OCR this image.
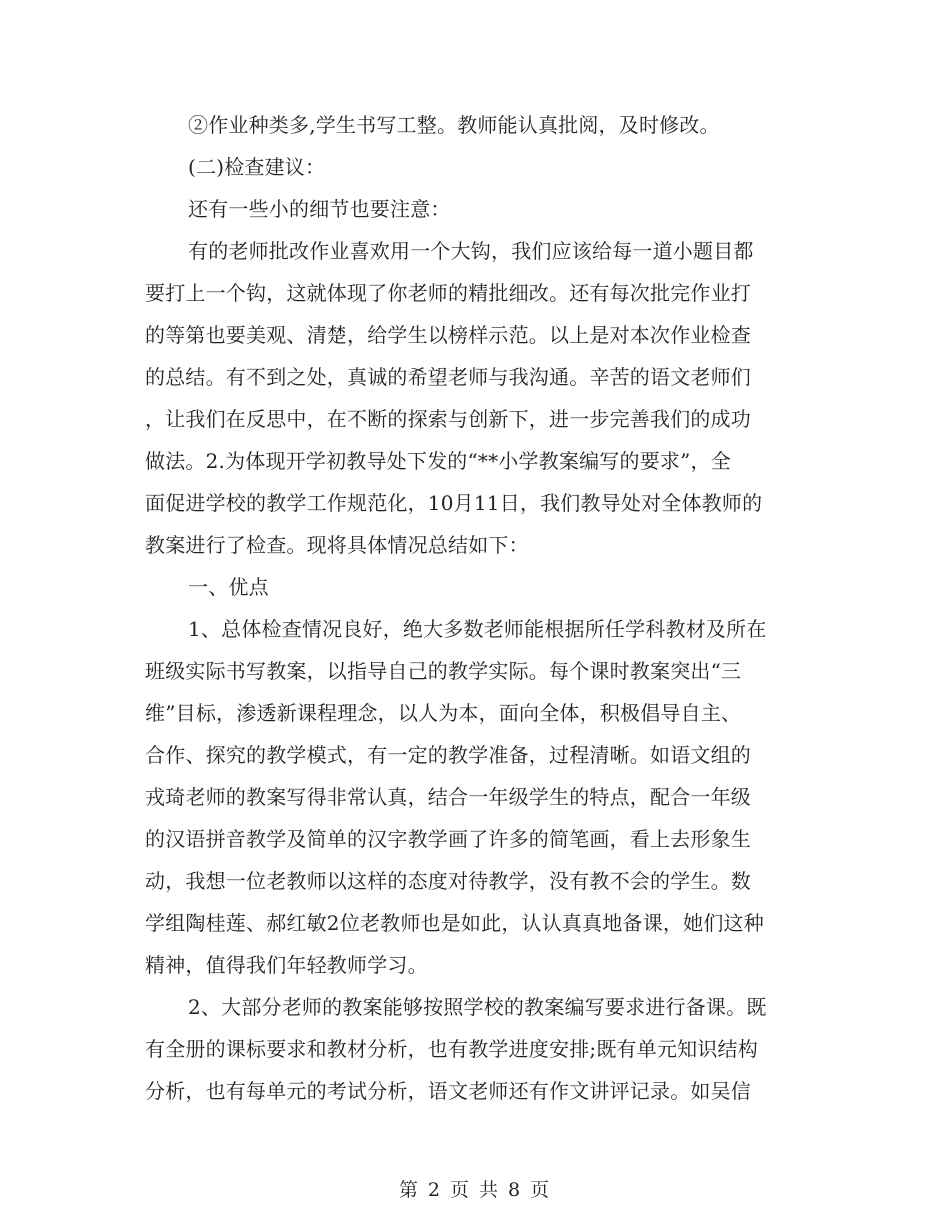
②作业种类多,学生书写工整。教师能认真批阅，及时修改。
(二)检查建议：
还有一些小的细节也要注意：
有的老师批改作业喜欢用一个大钩，我们应该给每一道小题目都
要打上一个钩，这就体现了你老师的精批细改。还有每次批完作业打
的等第也要美观、清楚，给学生以榜样示范。以上是对本次作业检查
的总结。有不到之处，真诚的希望老师与我沟通。辛苦的语文老师们
，让我们在反思中，在不断的探索与创新下，进一步完善我们的成功
做法。2.为体现开学初教导处下发的“**小学教案编写的要求”，全
面促进学校的教学工作规范化，10月11日，我们教导处对全体教师的
教案进行了检查。现将具体情况总结如下：
一、优点
1、总体检查情况良好，绝大多数老师能根据所任学科教材及所在
班级实际书写教案，以指导自己的教学实际。每个课时教案突出“三
维”目标，渗透新课程理念，以人为本，面向全体，积极倡导自主、
合作、探究的教学模式，有一定的教学准备，过程清晰。如语文组的
戎琦老师的教案写得非常认真，结合一年级学生的特点，配合一年级
的汉语拼音教学及简单的汉字教学画了许多的简笔画，看上去形象生
动，我想一位老教师以这样的态度对待教学，没有教不会的学生。数
学组陶桂莲、郝红敏2位老教师也是如此，认认真真地备课，她们这种
精神，值得我们年轻教师学习。
2、大部分老师的教案能够按照学校的教案编写要求进行备课。既
有全册的课标要求和教材分析，也有教学进度安排;既有单元知识结构
分析，也有每单元的考试分析，语文老师还有作文讲评记录。如吴信
第 2 页 共 8 页
